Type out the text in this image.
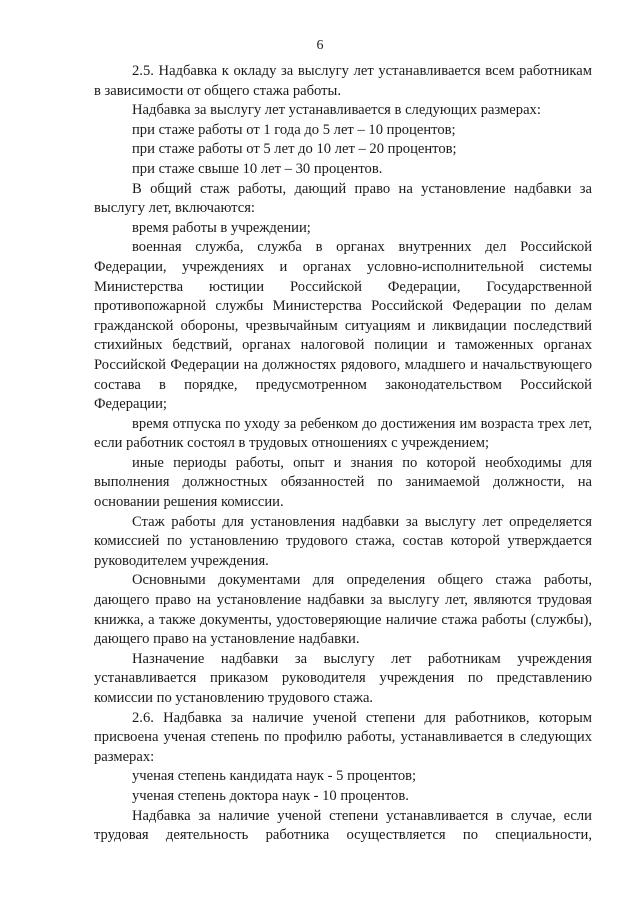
6

2.5. Надбавка к окладу за выслугу лет устанавливается всем работникам в зависимости от общего стажа работы.

Надбавка за выслугу лет устанавливается в следующих размерах:

при стаже работы от 1 года до 5 лет – 10 процентов;

при стаже работы от 5 лет до 10 лет – 20 процентов;

при стаже свыше 10 лет – 30 процентов.

В общий стаж работы, дающий право на установление надбавки за выслугу лет, включаются:

время работы в учреждении;

военная служба, служба в органах внутренних дел Российской Федерации, учреждениях и органах условно-исполнительной системы Министерства юстиции Российской Федерации, Государственной противопожарной службы Министерства Российской Федерации по делам гражданской обороны, чрезвычайным ситуациям и ликвидации последствий стихийных бедствий, органах налоговой полиции и таможенных органах Российской Федерации на должностях рядового, младшего и начальствующего состава в порядке, предусмотренном законодательством Российской Федерации;

время отпуска по уходу за ребенком до достижения им возраста трех лет, если работник состоял в трудовых отношениях с учреждением;

иные периоды работы, опыт и знания по которой необходимы для выполнения должностных обязанностей по занимаемой должности, на основании решения комиссии.

Стаж работы для установления надбавки за выслугу лет определяется комиссией по установлению трудового стажа, состав которой утверждается руководителем учреждения.

Основными документами для определения общего стажа работы, дающего право на установление надбавки за выслугу лет, являются трудовая книжка, а также документы, удостоверяющие наличие стажа работы (службы), дающего право на установление надбавки.

Назначение надбавки за выслугу лет работникам учреждения устанавливается приказом руководителя учреждения по представлению комиссии по установлению трудового стажа.

2.6. Надбавка за наличие ученой степени для работников, которым присвоена ученая степень по профилю работы, устанавливается в следующих размерах:

ученая степень кандидата наук - 5 процентов;

ученая степень доктора наук - 10 процентов.

Надбавка за наличие ученой степени устанавливается в случае, если трудовая деятельность работника осуществляется по специальности,
